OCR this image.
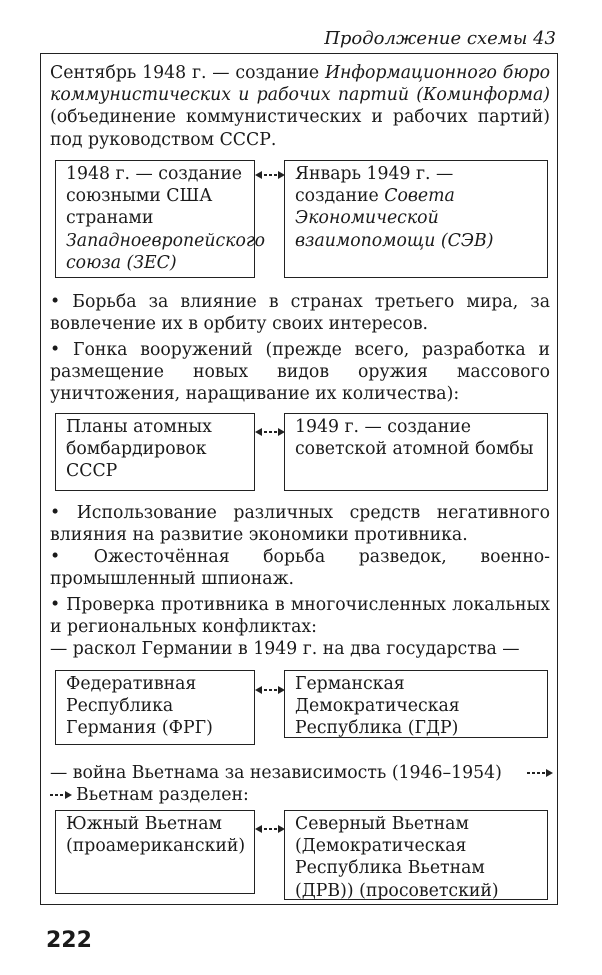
Продолжение схемы 43
Сентябрь 1948 г. — создание Информационного бюро коммунистических и рабочих партий (Коминформа) (объединение коммунистических и рабочих партий) под руководством СССР.
1948 г. — создание союзными США странами Западноевропейского союза (ЗЕС)
Январь 1949 г. — создание Совета Экономической взаимопомощи (СЭВ)
• Борьба за влияние в странах третьего мира, за вовлечение их в орбиту своих интересов.
• Гонка вооружений (прежде всего, разработка и размещение новых видов оружия массового уничтожения, наращивание их количества):
Планы атомных бомбардировок СССР
1949 г. — создание советской атомной бомбы
• Использование различных средств негативного влияния на развитие экономики противника.
• Ожесточённая борьба разведок, военно-промышленный шпионаж.
• Проверка противника в многочисленных локальных и региональных конфликтах:
— раскол Германии в 1949 г. на два государства —
Федеративная Республика Германия (ФРГ)
Германская Демократическая Республика (ГДР)
— война Вьетнама за независимость (1946–1954)
Вьетнам разделен:
Южный Вьетнам (проамериканский)
Северный Вьетнам (Демократическая Республика Вьетнам (ДРВ)) (просоветский)
222
